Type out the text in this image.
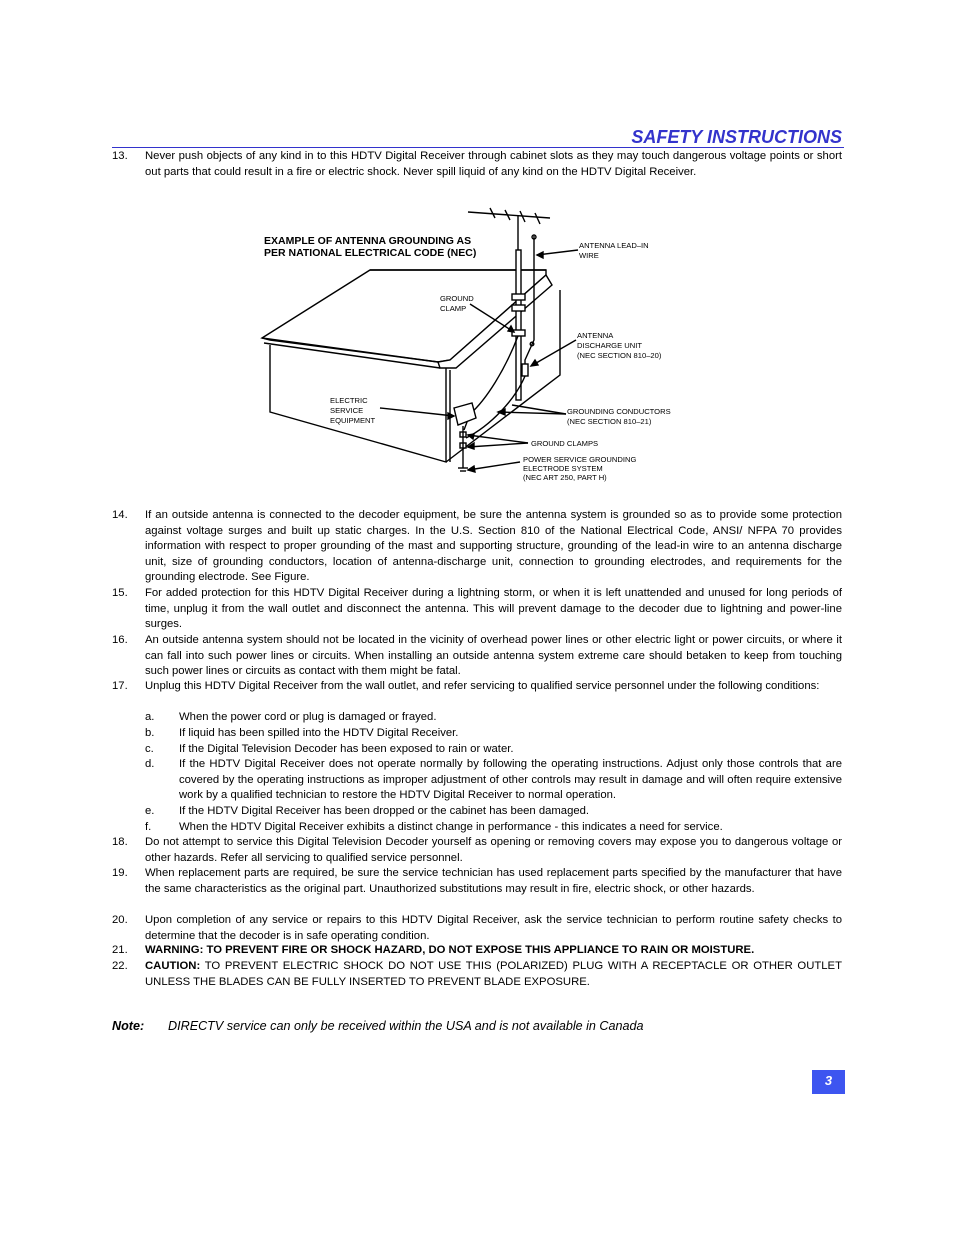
SAFETY INSTRUCTIONS
13.	Never push objects of any kind in to this HDTV Digital Receiver through cabinet slots as they may touch dangerous voltage points or short out parts that could result in a fire or electric shock. Never spill liquid of any kind on the HDTV Digital Receiver.
EXAMPLE OF ANTENNA GROUNDING AS
PER NATIONAL ELECTRICAL CODE (NEC)
ANTENNA LEAD–IN
WIRE
GROUND
CLAMP
ANTENNA
DISCHARGE UNIT
(NEC SECTION 810–20)
ELECTRIC
SERVICE
EQUIPMENT
GROUNDING CONDUCTORS
(NEC SECTION 810–21)
GROUND CLAMPS
POWER SERVICE GROUNDING
ELECTRODE SYSTEM
(NEC ART 250, PART H)
14.	If an outside antenna is connected to the decoder equipment, be sure the antenna system is grounded so as to provide some protection against voltage surges and built up static charges. In the U.S. Section 810 of the National Electrical Code, ANSI/ NFPA 70 provides information with respect to proper grounding of the mast and supporting structure, grounding of the lead-in wire to an antenna discharge unit, size of grounding conductors, location of antenna-discharge unit, connection to grounding electrodes, and requirements for the grounding electrode. See Figure.
15.	For added protection for this HDTV Digital Receiver during a lightning storm, or when it is left unattended and unused for long periods of time, unplug it from the wall outlet and disconnect the antenna. This will prevent damage to the decoder due to lightning and power-line surges.
16.	An outside antenna system should not be located in the vicinity of overhead power lines or other electric light or power circuits, or where it can fall into such power lines or circuits. When installing an outside antenna system extreme care should betaken to keep from touching such power lines or circuits as contact with them might be fatal.
17.	Unplug this HDTV Digital Receiver from the wall outlet, and refer servicing to qualified service personnel under the following conditions:
a.	When the power cord or plug is damaged or frayed.
b.	If liquid has been spilled into the HDTV Digital Receiver.
c.	If the Digital Television Decoder has been exposed to rain or water.
d.	If the HDTV Digital Receiver does not operate normally by following the operating instructions. Adjust only those controls that are covered by the operating instructions as improper adjustment of other controls may result in damage and will often require extensive work by a qualified technician to restore the HDTV Digital Receiver to normal operation.
e.	If the HDTV Digital Receiver has been dropped or the cabinet has been damaged.
f.	When the HDTV Digital Receiver exhibits a distinct change in performance - this indicates a need for service.
18.	Do not attempt to service this Digital Television Decoder yourself as opening or removing covers may expose you to dangerous voltage or other hazards. Refer all servicing to qualified service personnel.
19.	When replacement parts are required, be sure the service technician has used replacement parts specified by the manufacturer that have the same characteristics as the original part. Unauthorized substitutions may result in fire, electric shock, or other hazards.
20.	Upon completion of any service or repairs to this HDTV Digital Receiver, ask the service technician to perform routine safety checks to determine that the decoder is in safe operating condition.
21.	WARNING: TO PREVENT FIRE OR SHOCK HAZARD, DO NOT EXPOSE THIS APPLIANCE TO RAIN OR MOISTURE.
22.	CAUTION: TO PREVENT ELECTRIC SHOCK DO NOT USE THIS (POLARIZED) PLUG WITH A RECEPTACLE OR OTHER OUTLET UNLESS THE BLADES CAN BE FULLY INSERTED TO PREVENT BLADE EXPOSURE.
Note: DIRECTV service can only be received within the USA and is not available in Canada
3
